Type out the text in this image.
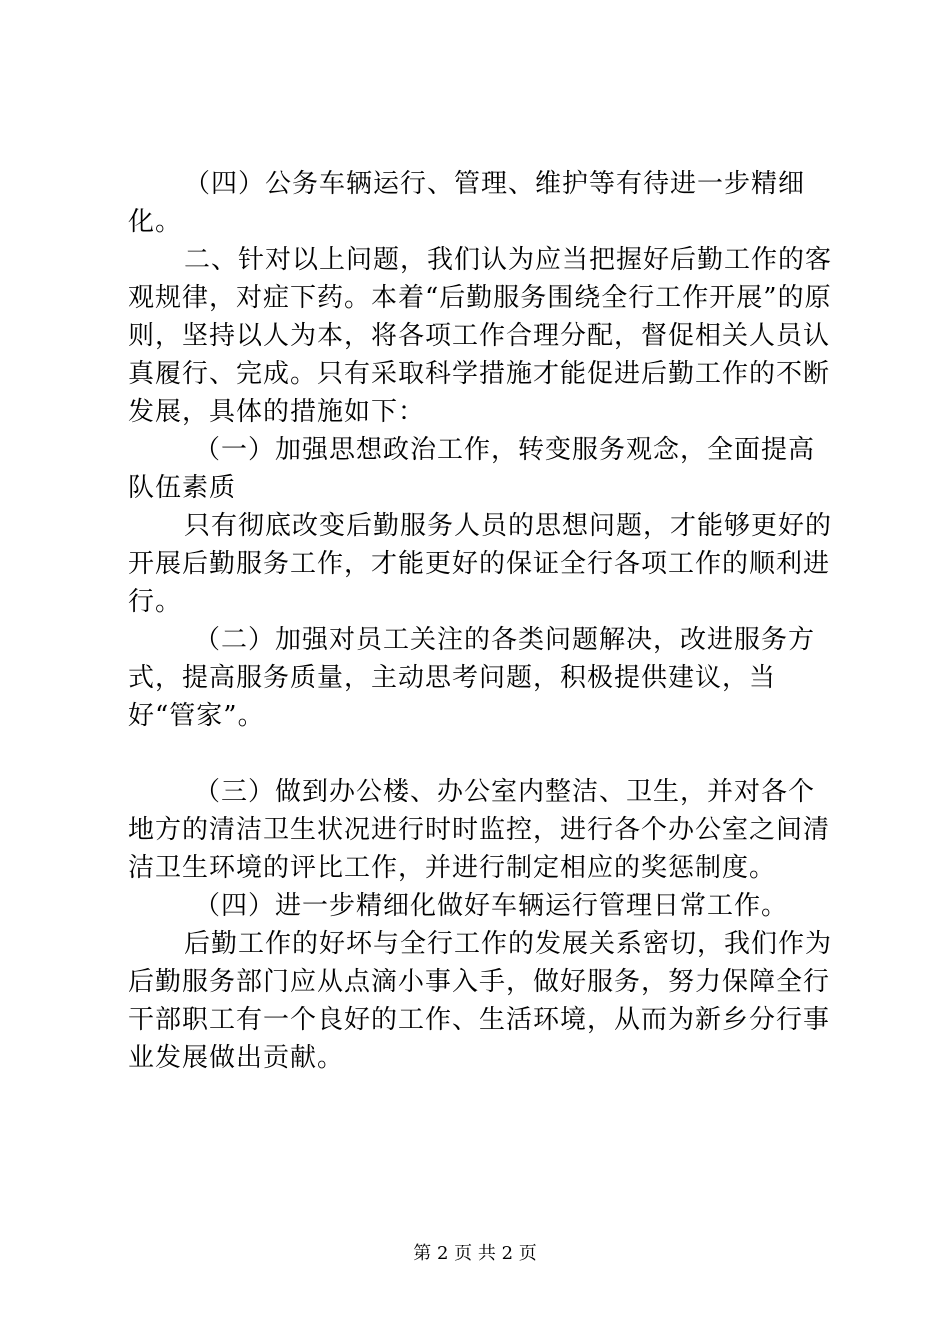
（四）公务车辆运行、管理、维护等有待进一步精细化。

二、针对以上问题，我们认为应当把握好后勤工作的客观规律，对症下药。本着“后勤服务围绕全行工作开展”的原则，坚持以人为本，将各项工作合理分配，督促相关人员认真履行、完成。只有采取科学措施才能促进后勤工作的不断发展，具体的措施如下：

（一）加强思想政治工作，转变服务观念，全面提高队伍素质

只有彻底改变后勤服务人员的思想问题，才能够更好的开展后勤服务工作，才能更好的保证全行各项工作的顺利进行。

（二）加强对员工关注的各类问题解决，改进服务方式，提高服务质量，主动思考问题，积极提供建议，当好“管家”。

（三）做到办公楼、办公室内整洁、卫生，并对各个地方的清洁卫生状况进行时时监控，进行各个办公室之间清洁卫生环境的评比工作，并进行制定相应的奖惩制度。

（四）进一步精细化做好车辆运行管理日常工作。

后勤工作的好坏与全行工作的发展关系密切，我们作为后勤服务部门应从点滴小事入手，做好服务，努力保障全行干部职工有一个良好的工作、生活环境，从而为新乡分行事业发展做出贡献。

第 2 页 共 2 页
